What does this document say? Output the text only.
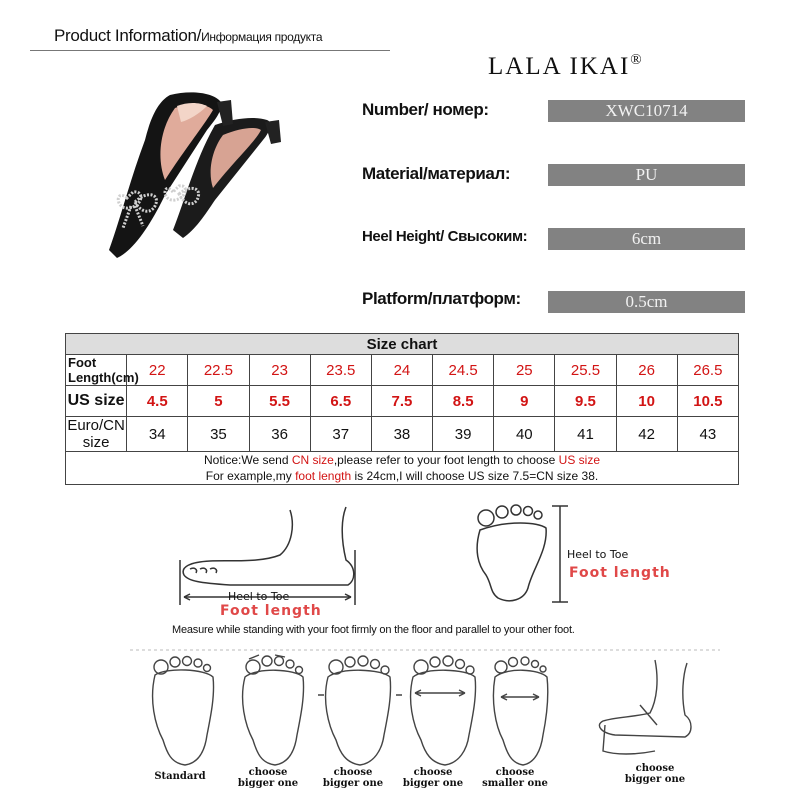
Product Information/Информация продукта
LALA IKAI®
Number/ номер:	XWC10714
Material/материал:	PU
Heel Height/ Свысоким:	6cm
Platform/платформ:	0.5cm
Size chart										
Foot Length(cm)	22	22.5	23	23.5	24	24.5	25	25.5	26	26.5
US size	4.5	5	5.5	6.5	7.5	8.5	9	9.5	10	10.5
Euro/CN size	34	35	36	37	38	39	40	41	42	43
Notice:We send CN size,please refer to your foot length to choose US size
For example,my foot length is 24cm,I will choose US size 7.5=CN size 38.										
Heel to Toe
Foot length
Heel to Toe
Foot length
Measure while standing with your foot firmly on the floor and parallel to your other foot.
Standard	choose
bigger one
choose
bigger one
choose
bigger one
choose
smaller one
choose
bigger one
